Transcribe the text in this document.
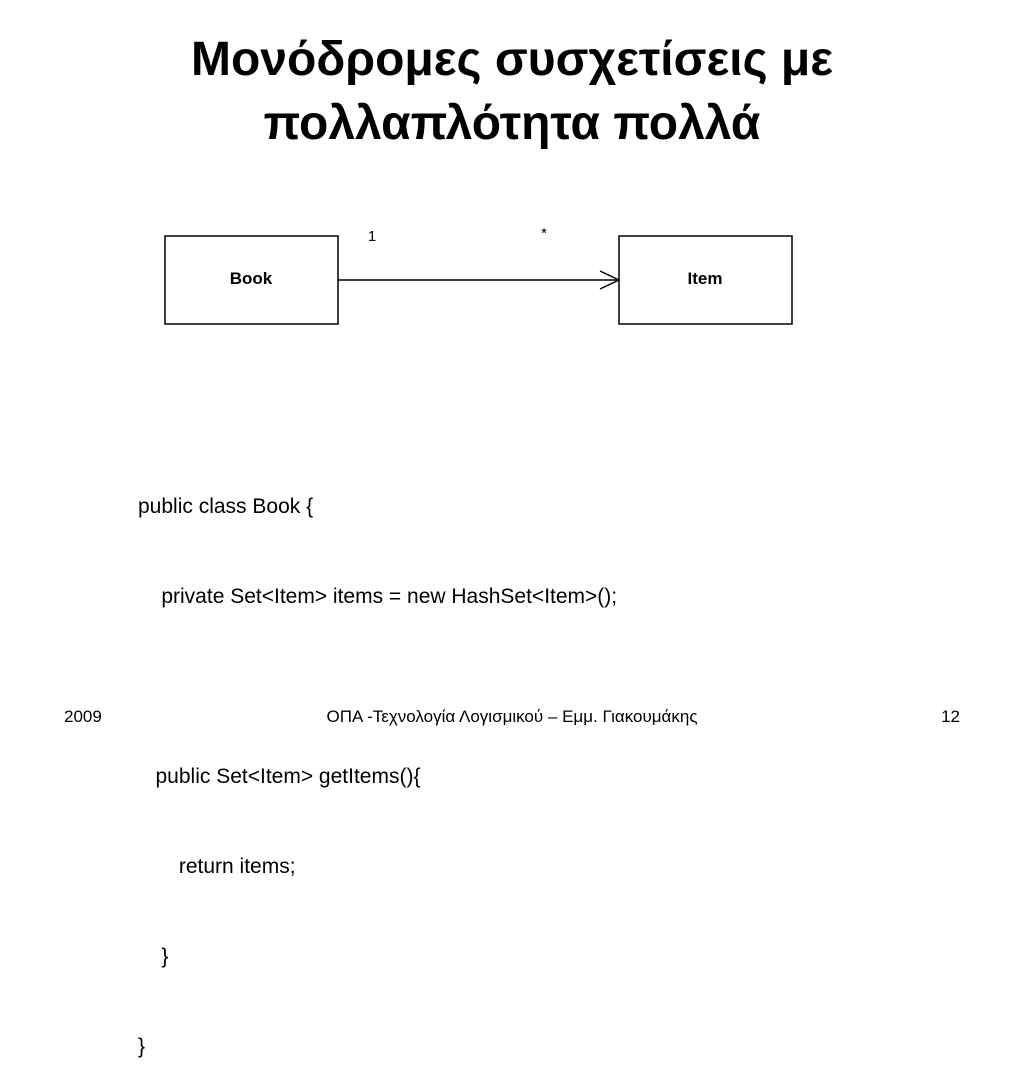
Μονόδρομες συσχετίσεις με
πολλαπλότητα πολλά
Book	Item
1	*

public class Book {

private Set<Item> items = new HashSet<Item>();

public Set<Item> getItems(){

return items;

}

}

ΟΠΑ -Τεχνολογία Λογισμικού – Εμμ. Γιακουμάκης
2009	12
